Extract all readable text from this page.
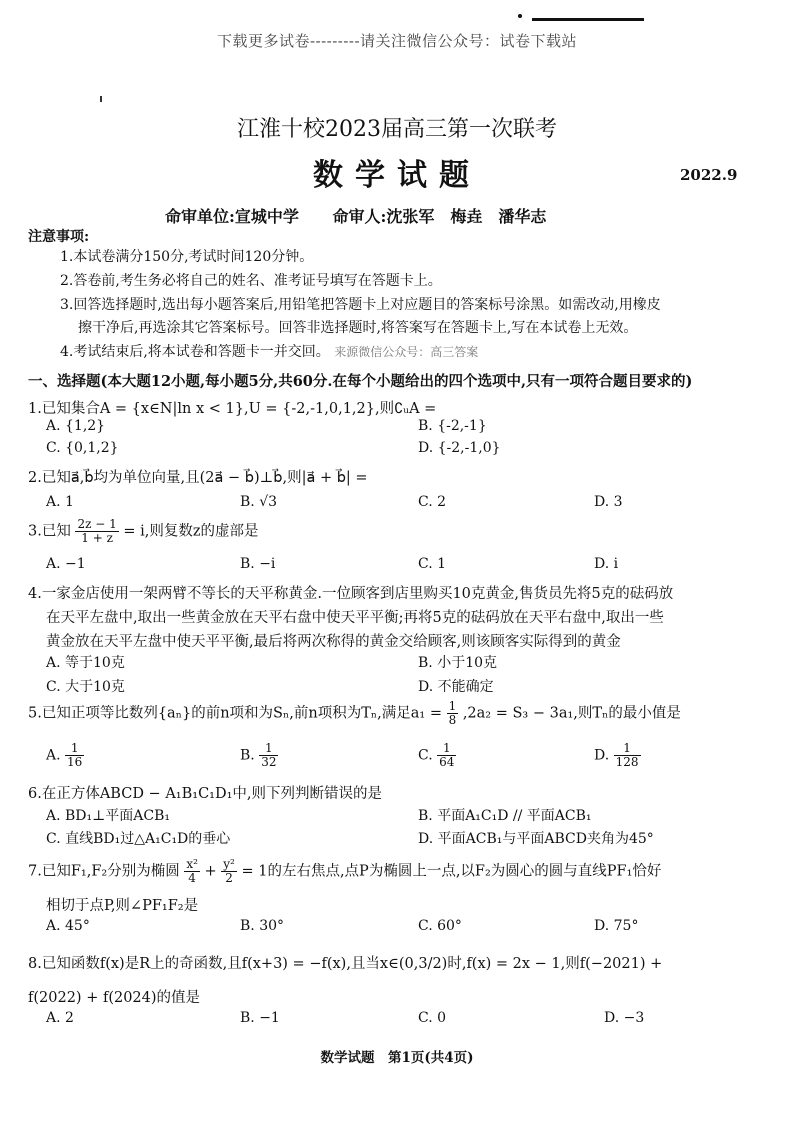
下载更多试卷---------请关注微信公众号：试卷下载站
江淮十校2023届高三第一次联考
数学试题	2022.9
命审单位:宣城中学 命审人:沈张军　梅垚　潘华志
注意事项:
1.本试卷满分150分,考试时间120分钟。
2.答卷前,考生务必将自己的姓名、准考证号填写在答题卡上。
3.回答选择题时,选出每小题答案后,用铅笔把答题卡上对应题目的答案标号涂黑。如需改动,用橡皮
擦干净后,再选涂其它答案标号。回答非选择题时,将答案写在答题卡上,写在本试卷上无效。
4.考试结束后,将本试卷和答题卡一并交回。 来源微信公众号：高三答案
一、选择题(本大题12小题,每小题5分,共60分.在每个小题给出的四个选项中,只有一项符合题目要求的)
1.已知集合A = {x∈N|ln x < 1},U = {-2,-1,0,1,2},则∁ᵤA =
A. {1,2}	B. {-2,-1}
C. {0,1,2}	D. {-2,-1,0}
2.已知a⃗,b⃗均为单位向量,且(2a⃗ − b⃗)⊥b⃗,则|a⃗ + b⃗| =
A. 1	B. √3	C. 2	D. 3
3.已知 $\frac{2z - 1}{1 + z} = i$,则复数z的虚部是
A. −1	B. −i	C. 1	D. i
4.一家金店使用一架两臂不等长的天平称黄金.一位顾客到店里购买10克黄金,售货员先将5克的砝码放
在天平左盘中,取出一些黄金放在天平右盘中使天平平衡;再将5克的砝码放在天平右盘中,取出一些
黄金放在天平左盘中使天平平衡,最后将两次称得的黄金交给顾客,则该顾客实际得到的黄金
A. 等于10克	B. 小于10克
C. 大于10克	D. 不能确定
5.已知正项等比数列{aₙ}的前n项和为Sₙ,前n项积为Tₙ,满足$a_1 = \frac{1}{8} ,2a_2 = S_3 - 3a_1$,则Tₙ的最小值是
A. $\frac{1}{16}$	B. $\frac{1}{32}$	C. $\frac{1}{64}$	D. $\frac{1}{128}$
6.在正方体ABCD − A₁B₁C₁D₁中,则下列判断错误的是
A. BD₁⊥平面ACB₁	B. 平面A₁C₁D // 平面ACB₁
C. 直线BD₁过△A₁C₁D的垂心	D. 平面ACB₁与平面ABCD夹角为45°
7.已知F₁,F₂分别为椭圆 $\frac{\text{x²}}{4} + \frac{\text{y²}}{2} = 1$的左右焦点,点P为椭圆上一点,以F₂为圆心的圆与直线PF₁恰好
相切于点P,则∠PF₁F₂是
A. 45°	B. 30°	C. 60°	D. 75°
8.已知函数f(x)是R上的奇函数,且f(x+3) = −f(x),且当x∈(0,3/2)时,f(x) = 2x − 1,则f(−2021) +
f(2022) + f(2024)的值是
A. 2	B. −1	C. 0	D. −3
数学试题　第1页(共4页)
